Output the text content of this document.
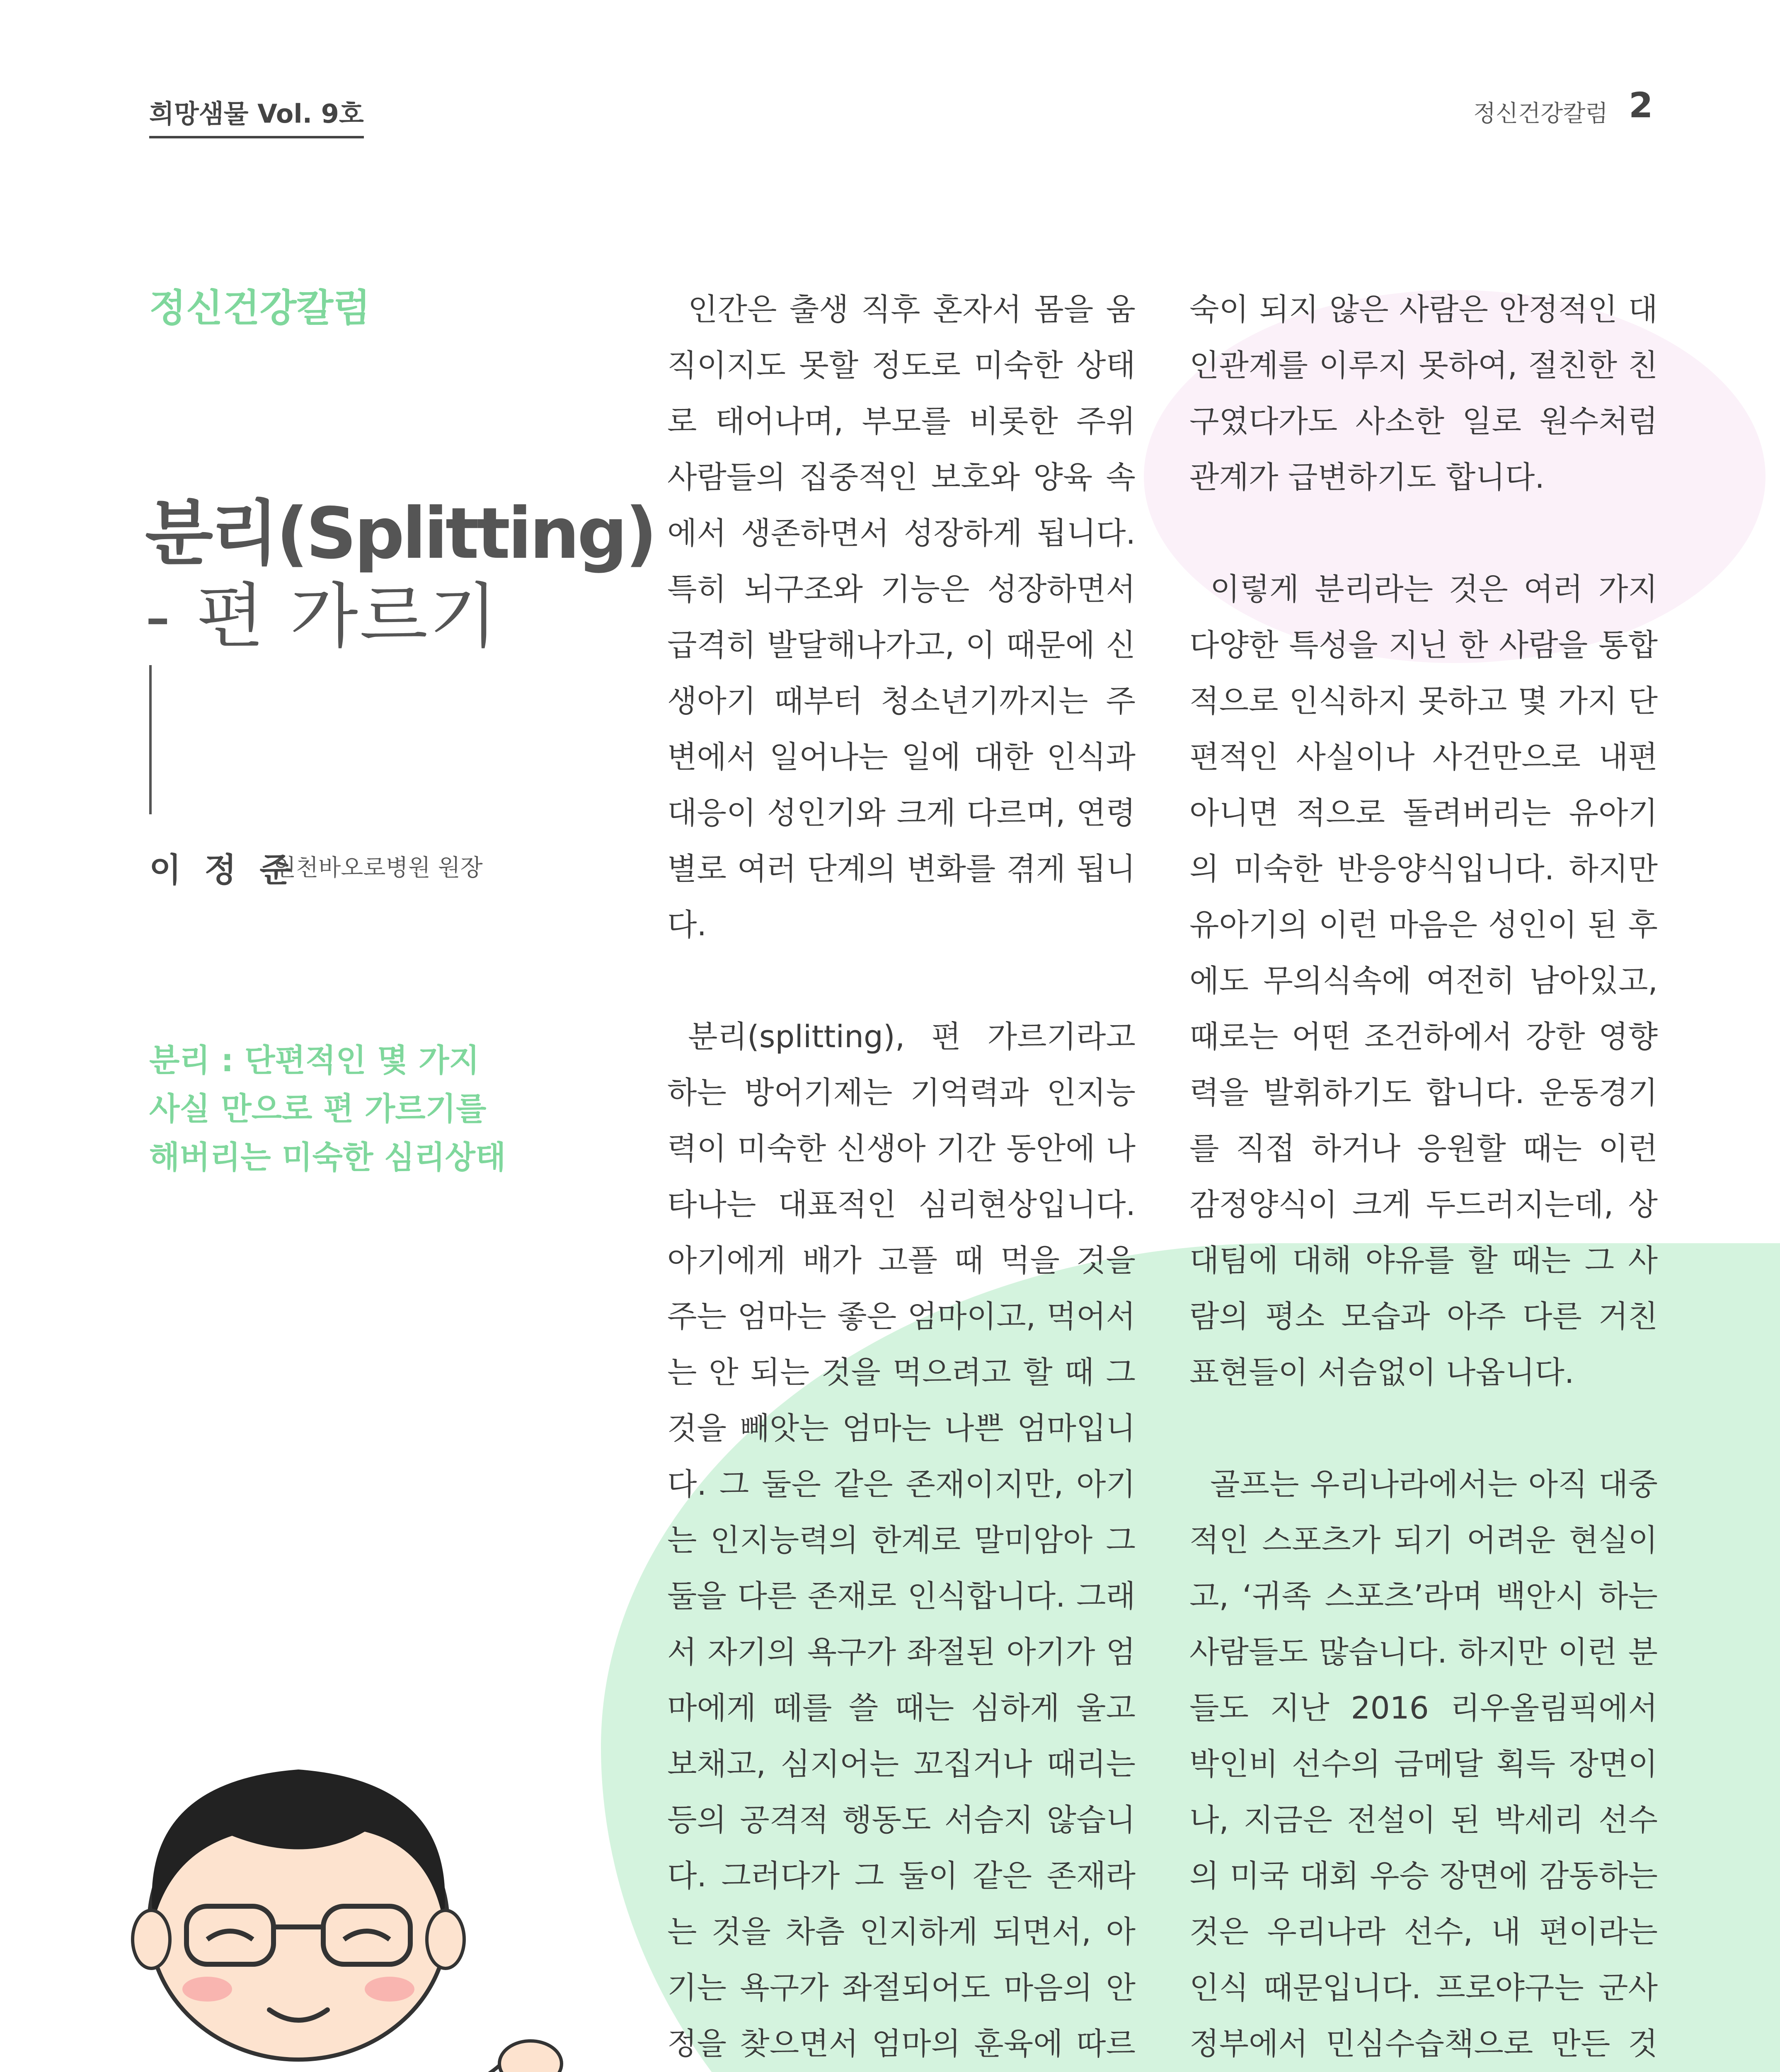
희망샘물 Vol. 9호	정신건강칼럼 2
정신건강칼럼
분리(Splitting)
- 편 가르기
이 정 준
인천바오로병원 원장
분리 : 단편적인 몇 가지
사실 만으로 편 가르기를
해버리는 미숙한 심리상태

인간은 출생 직후 혼자서 몸을 움직이지도 못할 정도로 미숙한 상태로 태어나며, 부모를 비롯한 주위 사람들의 집중적인 보호와 양육 속에서 생존하면서 성장하게 됩니다. 특히 뇌구조와 기능은 성장하면서 급격히 발달해나가고, 이 때문에 신생아기 때부터 청소년기까지는 주변에서 일어나는 일에 대한 인식과 대응이 성인기와 크게 다르며, 연령별로 여러 단계의 변화를 겪게 됩니다.

분리(splitting), 편 가르기라고 하는 방어기제는 기억력과 인지능력이 미숙한 신생아 기간 동안에 나타나는 대표적인 심리현상입니다. 아기에게 배가 고플 때 먹을 것을 주는 엄마는 좋은 엄마이고, 먹어서는 안 되는 것을 먹으려고 할 때 그것을 빼앗는 엄마는 나쁜 엄마입니다. 그 둘은 같은 존재이지만, 아기는 인지능력의 한계로 말미암아 그 둘을 다른 존재로 인식합니다. 그래서 자기의 욕구가 좌절된 아기가 엄마에게 떼를 쓸 때는 심하게 울고 보채고, 심지어는 꼬집거나 때리는 등의 공격적 행동도 서슴지 않습니다. 그러다가 그 둘이 같은 존재라는 것을 차츰 인지하게 되면서, 아기는 욕구가 좌절되어도 마음의 안정을 찾으면서 엄마의 훈육에 따르

숙이 되지 않은 사람은 안정적인 대인관계를 이루지 못하여, 절친한 친구였다가도 사소한 일로 원수처럼 관계가 급변하기도 합니다.

이렇게 분리라는 것은 여러 가지 다양한 특성을 지닌 한 사람을 통합적으로 인식하지 못하고 몇 가지 단편적인 사실이나 사건만으로 내편 아니면 적으로 돌려버리는 유아기의 미숙한 반응양식입니다. 하지만 유아기의 이런 마음은 성인이 된 후에도 무의식속에 여전히 남아있고, 때로는 어떤 조건하에서 강한 영향력을 발휘하기도 합니다. 운동경기를 직접 하거나 응원할 때는 이런 감정양식이 크게 두드러지는데, 상대팀에 대해 야유를 할 때는 그 사람의 평소 모습과 아주 다른 거친 표현들이 서슴없이 나옵니다.

골프는 우리나라에서는 아직 대중적인 스포츠가 되기 어려운 현실이고, ‘귀족 스포츠’라며 백안시 하는 사람들도 많습니다. 하지만 이런 분들도 지난 2016 리우올림픽에서 박인비 선수의 금메달 획득 장면이나, 지금은 전설이 된 박세리 선수의 미국 대회 우승 장면에 감동하는 것은 우리나라 선수, 내 편이라는 인식 때문입니다. 프로야구는 군사정부에서 민심수습책으로 만든 것
